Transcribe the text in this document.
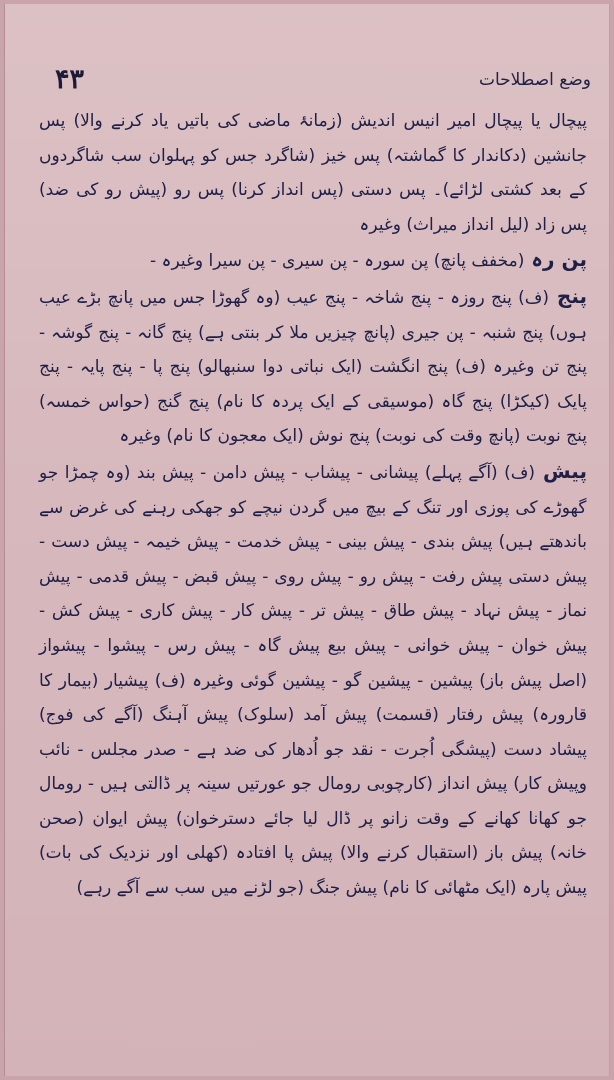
۴۳	وضع اصطلاحات

پیچال یا پیچال امیر انیس اندیش (زمانۂ ماضی کی باتیں یاد کرنے والا) پس جانشین (دکاندار کا گماشتہ) پس خیز (شاگرد جس کو پہلوان سب شاگردوں کے بعد کشتی لڑائے)۔ پس دستی (پس انداز کرنا) پس رو (پیش رو کی ضد) پس زاد (لیل انداز میراث) وغیرہ

پن رہ (مخفف پانچ) پن سورہ - پن سیری - پن سیرا وغیرہ -

پنج (ف) پنج روزہ - پنج شاخہ - پنج عیب (وہ گھوڑا جس میں پانچ بڑے عیب ہوں) پنج شنبہ - پن جیری (پانچ چیزیں ملا کر بنتی ہے) پنج گانہ - پنج گوشہ - پنج تن وغیرہ (ف) پنج انگشت (ایک نباتی دوا سنبھالو) پنج پا - پنج پایہ - پنج پایک (کیکڑا) پنج گاہ (موسیقی کے ایک پردہ کا نام) پنج گنج (حواس خمسہ) پنج نوبت (پانچ وقت کی نوبت) پنج نوش (ایک معجون کا نام) وغیرہ

پیش (ف) (آگے پہلے) پیشانی - پیشاب - پیش دامن - پیش بند (وہ چمڑا جو گھوڑے کی پوزی اور تنگ کے بیچ میں گردن نیچے کو جھکی رہنے کی غرض سے باندھتے ہیں) پیش بندی - پیش بینی - پیش خدمت - پیش خیمہ - پیش دست - پیش دستی پیش رفت - پیش رو - پیش روی - پیش قبض - پیش قدمی - پیش نماز - پیش نہاد - پیش طاق - پیش تر - پیش کار - پیش کاری - پیش کش - پیش خوان - پیش خوانی - پیش بیع پیش گاہ - پیش رس - پیشوا - پیشواز (اصل پیش باز) پیشین - پیشین گو - پیشین گوئی وغیرہ (ف) پیشیار (بیمار کا قارورہ) پیش رفتار (قسمت) پیش آمد (سلوک) پیش آہنگ (آگے کی فوج) پیشاد دست (پیشگی اُجرت - نقد جو اُدھار کی ضد ہے - صدر مجلس - نائب وپیش کار) پیش انداز (کارچوبی رومال جو عورتیں سینہ پر ڈالتی ہیں - رومال جو کھانا کھانے کے وقت زانو پر ڈال لیا جائے دسترخوان) پیش ایوان (صحن خانہ) پیش باز (استقبال کرنے والا) پیش پا افتادہ (کھلی اور نزدیک کی بات) پیش پارہ (ایک مٹھائی کا نام) پیش جنگ (جو لڑنے میں سب سے آگے رہے)
